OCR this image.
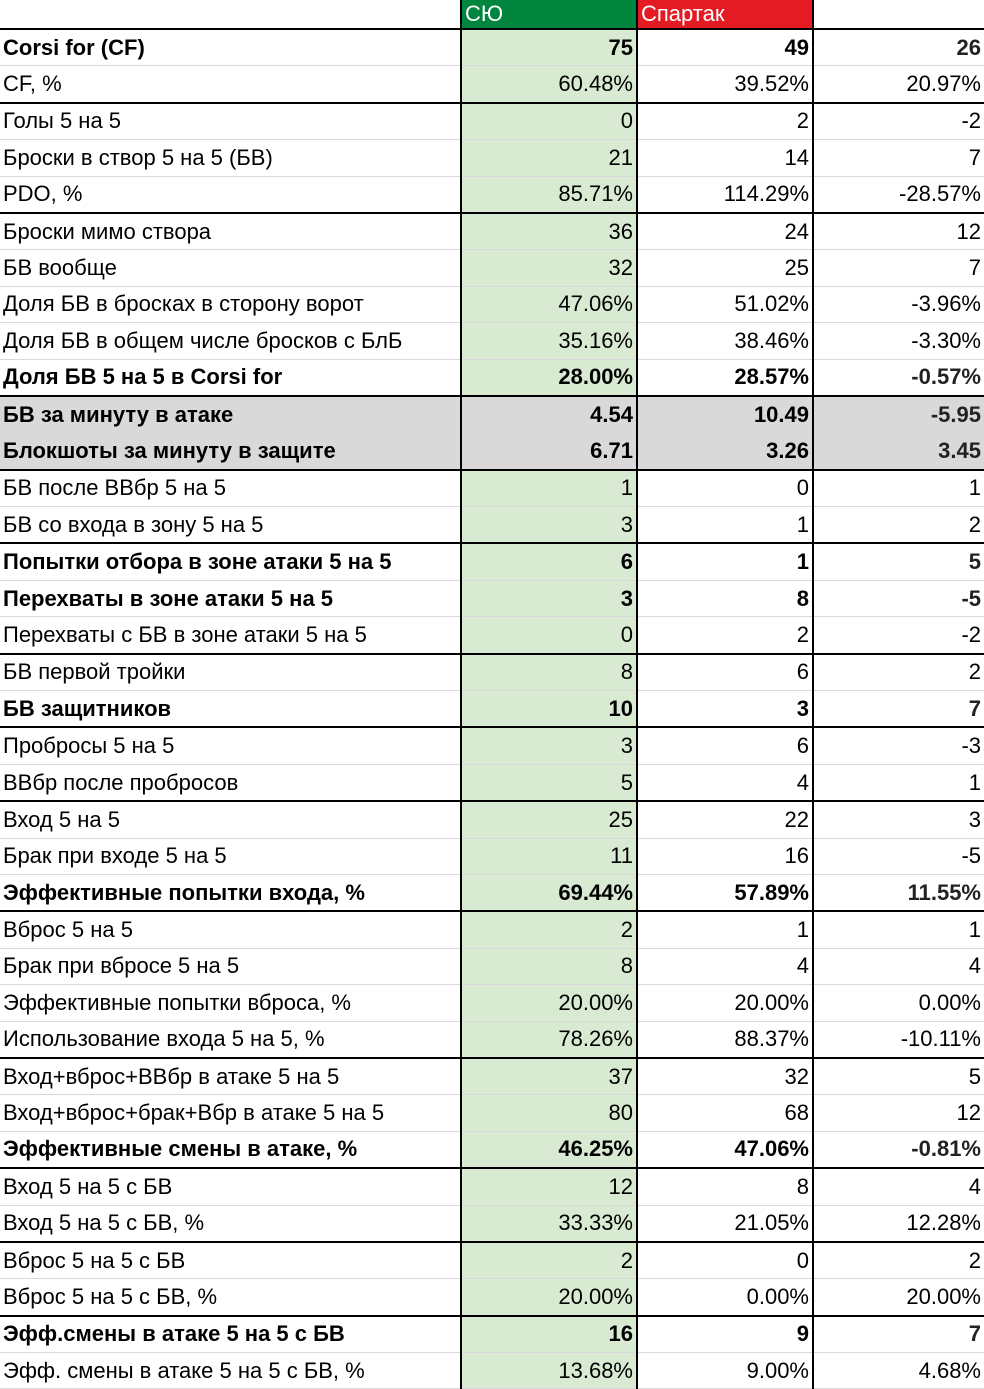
	СЮ	Спартак	Δ
Corsi for (CF)	75	49	26
CF, %	60.48%	39.52%	20.97%
Голы 5 на 5	0	2	-2
Броски в створ 5 на 5 (БВ)	21	14	7
PDO, %	85.71%	114.29%	-28.57%
Броски мимо створа	36	24	12
БВ вообще	32	25	7
Доля БВ в бросках в сторону ворот	47.06%	51.02%	-3.96%
Доля БВ в общем числе бросков с БлБ	35.16%	38.46%	-3.30%
Доля БВ 5 на 5 в Corsi for	28.00%	28.57%	-0.57%
БВ за минуту в атаке	4.54	10.49	-5.95
Блокшоты за минуту в защите	6.71	3.26	3.45
БВ после ВВбр 5 на 5	1	0	1
БВ со входа в зону 5 на 5	3	1	2
Попытки отбора в зоне атаки 5 на 5	6	1	5
Перехваты в зоне атаки 5 на 5	3	8	-5
Перехваты с БВ в зоне атаки 5 на 5	0	2	-2
БВ первой тройки	8	6	2
БВ защитников	10	3	7
Пробросы 5 на 5	3	6	-3
ВВбр после пробросов	5	4	1
Вход 5 на 5	25	22	3
Брак при входе 5 на 5	11	16	-5
Эффективные попытки входа, %	69.44%	57.89%	11.55%
Вброс 5 на 5	2	1	1
Брак при вбросе 5 на 5	8	4	4
Эффективные попытки вброса, %	20.00%	20.00%	0.00%
Использование входа 5 на 5, %	78.26%	88.37%	-10.11%
Вход+вброс+ВВбр в атаке 5 на 5	37	32	5
Вход+вброс+брак+Вбр в атаке 5 на 5	80	68	12
Эффективные смены в атаке, %	46.25%	47.06%	-0.81%
Вход 5 на 5 с БВ	12	8	4
Вход 5 на 5 с БВ, %	33.33%	21.05%	12.28%
Вброс 5 на 5 с БВ	2	0	2
Вброс 5 на 5 с БВ, %	20.00%	0.00%	20.00%
Эфф.смены в атаке 5 на 5 с БВ	16	9	7
Эфф. смены в атаке 5 на 5 с БВ, %	13.68%	9.00%	4.68%
